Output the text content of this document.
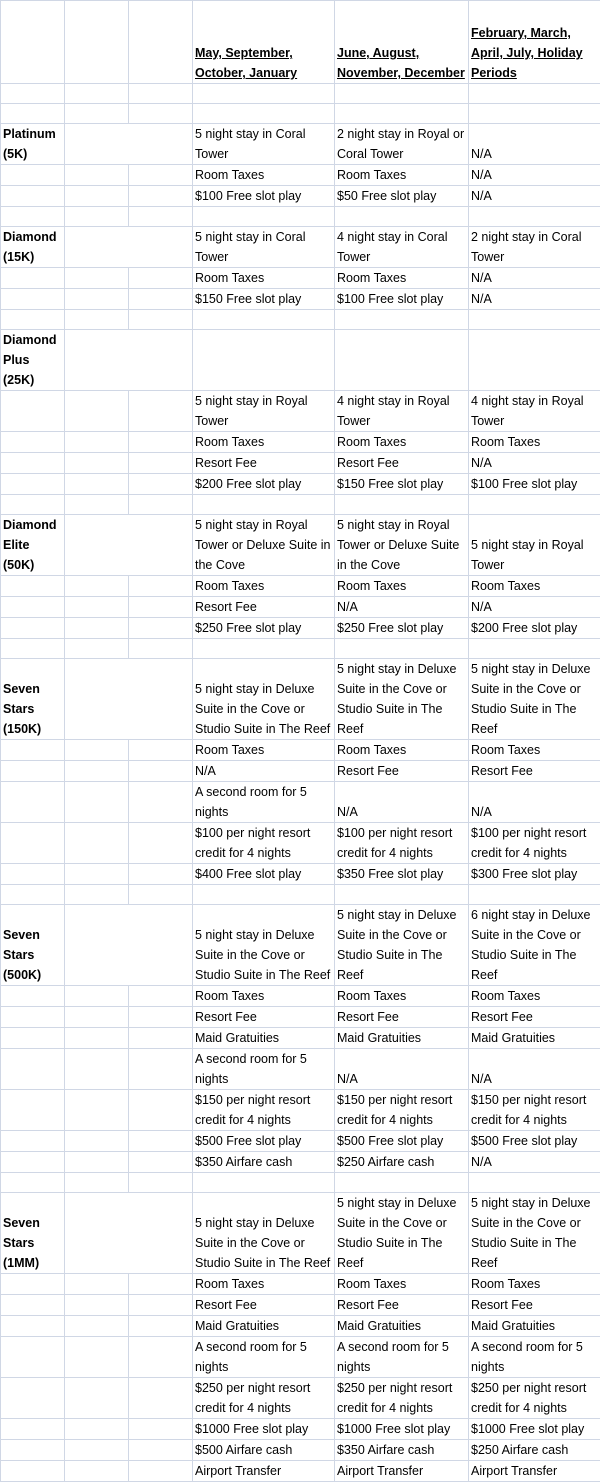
			May, September, October, January	June, August, November, December	February, March, April, July, Holiday Periods

Platinum (5K)			5 night stay in Coral Tower	2 night stay in Royal or Coral Tower	N/A
			Room Taxes	Room Taxes	N/A
			$100 Free slot play	$50 Free slot play	N/A

Diamond (15K)			5 night stay in Coral Tower	4 night stay in Coral Tower	2 night stay in Coral Tower
			Room Taxes	Room Taxes	N/A
			$150 Free slot play	$100 Free slot play	N/A

Diamond Plus (25K)					
			5 night stay in Royal Tower	4 night stay in Royal Tower	4 night stay in Royal Tower
			Room Taxes	Room Taxes	Room Taxes
			Resort Fee	Resort Fee	N/A
			$200 Free slot play	$150 Free slot play	$100 Free slot play

Diamond Elite (50K)			5 night stay in Royal Tower or Deluxe Suite in the Cove	5 night stay in Royal Tower or Deluxe Suite in the Cove	5 night stay in Royal Tower
			Room Taxes	Room Taxes	Room Taxes
			Resort Fee	N/A	N/A
			$250 Free slot play	$250 Free slot play	$200 Free slot play

Seven Stars (150K)			5 night stay in Deluxe Suite in the Cove or Studio Suite in The Reef	5 night stay in Deluxe Suite in the Cove or Studio Suite in The Reef	5 night stay in Deluxe Suite in the Cove or Studio Suite in The Reef
			Room Taxes	Room Taxes	Room Taxes
			N/A	Resort Fee	Resort Fee
			A second room for 5 nights	N/A	N/A
			$100 per night resort credit for 4 nights	$100 per night resort credit for 4 nights	$100 per night resort credit for 4 nights
			$400 Free slot play	$350 Free slot play	$300 Free slot play

Seven Stars (500K)			5 night stay in Deluxe Suite in the Cove or Studio Suite in The Reef	5 night stay in Deluxe Suite in the Cove or Studio Suite in The Reef	6 night stay in Deluxe Suite in the Cove or Studio Suite in The Reef
			Room Taxes	Room Taxes	Room Taxes
			Resort Fee	Resort Fee	Resort Fee
			Maid Gratuities	Maid Gratuities	Maid Gratuities
			A second room for 5 nights	N/A	N/A
			$150 per night resort credit for 4 nights	$150 per night resort credit for 4 nights	$150 per night resort credit for 4 nights
			$500 Free slot play	$500 Free slot play	$500 Free slot play
			$350 Airfare cash	$250 Airfare cash	N/A

Seven Stars (1MM)			5 night stay in Deluxe Suite in the Cove or Studio Suite in The Reef	5 night stay in Deluxe Suite in the Cove or Studio Suite in The Reef	5 night stay in Deluxe Suite in the Cove or Studio Suite in The Reef
			Room Taxes	Room Taxes	Room Taxes
			Resort Fee	Resort Fee	Resort Fee
			Maid Gratuities	Maid Gratuities	Maid Gratuities
			A second room for 5 nights	A second room for 5 nights	A second room for 5 nights
			$250 per night resort credit for 4 nights	$250 per night resort credit for 4 nights	$250 per night resort credit for 4 nights
			$1000 Free slot play	$1000 Free slot play	$1000 Free slot play
			$500 Airfare cash	$350 Airfare cash	$250 Airfare cash
			Airport Transfer	Airport Transfer	Airport Transfer
